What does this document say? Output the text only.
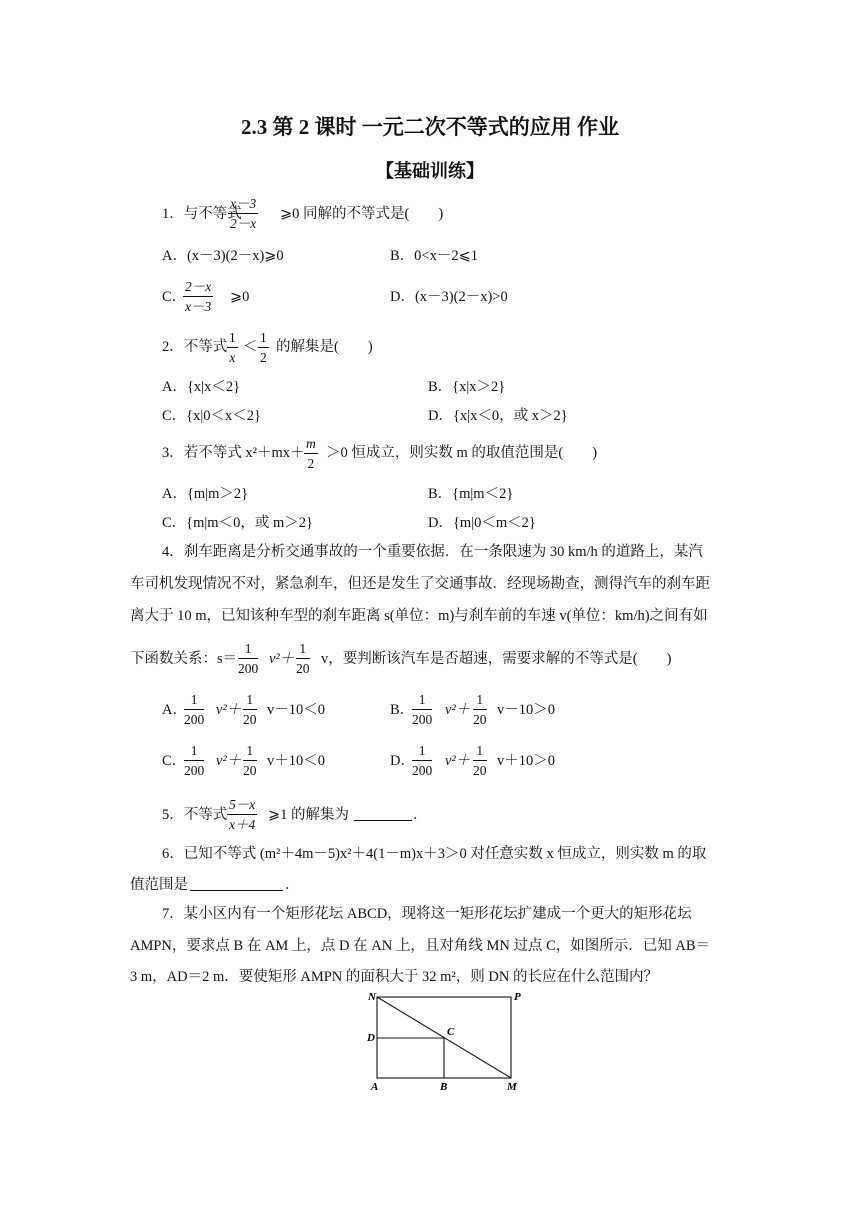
2.3 第 2 课时 一元二次不等式的应用 作业
【基础训练】
1．与不等式
$\frac{x-3}{2-x}$ ⩾0 同解的不等式是(　　)
A．(x－3)(2－x)⩾0	B．0<x－2⩽1
C．
$\frac{2-x}{x-3}$ ⩾0	D．(x－3)(2－x)>0
2．不等式 $\frac{1}{x} < \frac{1}{2}$ 的解集是(　　)
A．{x|x＜2}	B．{x|x＞2}
C．{x|0＜x＜2}	D．{x|x＜0，或 x＞2}
3．若不等式 $x^2+mx+ \frac{m}{2} >0$ 恒成立，则实数 m 的取值范围是(　　)
A．{m|m＞2}	B．{m|m＜2}
C．{m|m＜0，或 m＞2}	D．{m|0＜m＜2}
4．刹车距离是分析交通事故的一个重要依据．在一条限速为 30 km/h 的道路上，某汽
车司机发现情况不对，紧急刹车，但还是发生了交通事故．经现场勘查，测得汽车的刹车距
离大于 10 m，已知该种车型的刹车距离 s(单位：m)与刹车前的车速 v(单位：km/h)之间有如
下函数关系：$s= \frac{1}{200} v^2+ \frac{1}{20}$ v，要判断该汽车是否超速，需要求解的不等式是(　　)
A．
$\frac{1}{200} v^2+ \frac{1}{20} v-10<0$	B．
$\frac{1}{200} v^2+ \frac{1}{20} v-10>0$
C．
$\frac{1}{200} v^2+ \frac{1}{20} v+10<0$	D．
$\frac{1}{200} v^2+ \frac{1}{20} v+10>0$
5．不等式 $\frac{5-x}{x+4}$ ⩾1 的解集为	．
6．已知不等式 (m²＋4m－5)x²＋4(1－m)x＋3＞0 对任意实数 x 恒成立，则实数 m 的取
值范围是	．
7．某小区内有一个矩形花坛 ABCD，现将这一矩形花坛扩建成一个更大的矩形花坛
AMPN，要求点 B 在 AM 上，点 D 在 AN 上，且对角线 MN 过点 C，如图所示．已知 AB＝
3 m，AD＝2 m．要使矩形 AMPN 的面积大于 32 m²，则 DN 的长应在什么范围内？
N	P
D	C
A	B	M
